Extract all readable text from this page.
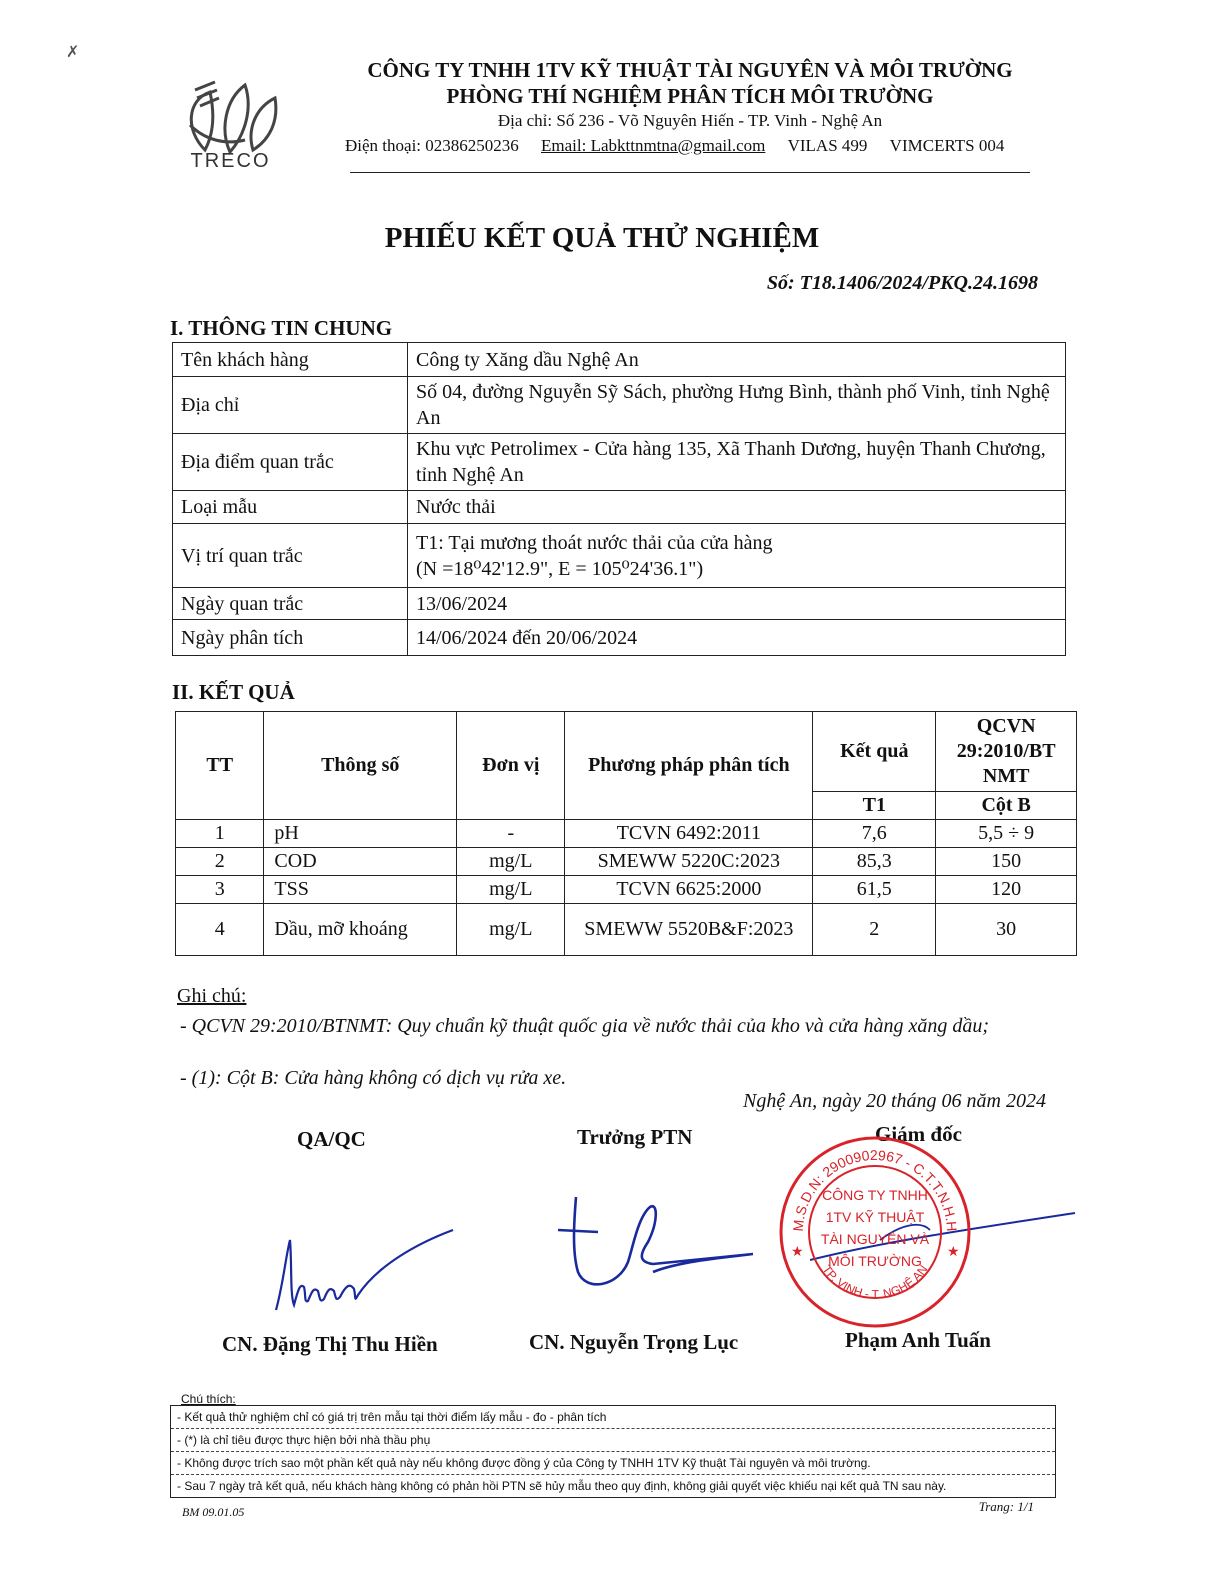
✗
TRECO
CÔNG TY TNHH 1TV KỸ THUẬT TÀI NGUYÊN VÀ MÔI TRƯỜNG
PHÒNG THÍ NGHIỆM PHÂN TÍCH MÔI TRƯỜNG
Địa chỉ: Số 236 - Võ Nguyên Hiến - TP. Vinh - Nghệ An
Điện thoại: 02386250236 Email: Labkttnmtna@gmail.com VILAS 499 VIMCERTS 004
PHIẾU KẾT QUẢ THỬ NGHIỆM
Số: T18.1406/2024/PKQ.24.1698
I. THÔNG TIN CHUNG
Tên khách hàng	Công ty Xăng dầu Nghệ An
Địa chỉ	Số 04, đường Nguyễn Sỹ Sách, phường Hưng Bình, thành phố Vinh, tỉnh Nghệ An
Địa điểm quan trắc	Khu vực Petrolimex - Cửa hàng 135, Xã Thanh Dương, huyện Thanh Chương, tỉnh Nghệ An
Loại mẫu	Nước thải
Vị trí quan trắc	T1: Tại mương thoát nước thải của cửa hàng
(N =18⁰42'12.9", E = 105⁰24'36.1")

Ngày quan trắc	13/06/2024
Ngày phân tích	14/06/2024 đến 20/06/2024
II. KẾT QUẢ
TT	Thông số	Đơn vị	Phương pháp phân tích	Kết quả	QCVN 29:2010/BT NMT
				T1	Cột B
1	pH	-	TCVN 6492:2011	7,6	5,5 ÷ 9
2	COD	mg/L	SMEWW 5220C:2023	85,3	150
3	TSS	mg/L	TCVN 6625:2000	61,5	120
4	Dầu, mỡ khoáng	mg/L	SMEWW 5520B&F:2023	2	30
Ghi chú:
- QCVN 29:2010/BTNMT: Quy chuẩn kỹ thuật quốc gia về nước thải của kho và cửa hàng xăng dầu;
- (1): Cột B: Cửa hàng không có dịch vụ rửa xe.
Nghệ An, ngày 20 tháng 06 năm 2024
QA/QC	Trưởng PTN	Giám đốc
M.S.D.N: 2900902967 - C.T.T.N.H.H
TP. VINH - T. NGHỆ AN
CÔNG TY TNHH
1TV KỸ THUẬT
TÀI NGUYÊN VÀ
MÔI TRƯỜNG
★	★
CN. Đặng Thị Thu Hiền	CN. Nguyễn Trọng Lục	Phạm Anh Tuấn
Chú thích:
- Kết quả thử nghiệm chỉ có giá trị trên mẫu tại thời điểm lấy mẫu - đo - phân tích
- (*) là chỉ tiêu được thực hiện bởi nhà thầu phụ
- Không được trích sao một phần kết quả này nếu không được đồng ý của Công ty TNHH 1TV Kỹ thuật Tài nguyên và môi trường.
- Sau 7 ngày trả kết quả, nếu khách hàng không có phản hồi PTN sẽ hủy mẫu theo quy định, không giải quyết việc khiếu nại kết quả TN sau này.
BM 09.01.05	Trang: 1/1
